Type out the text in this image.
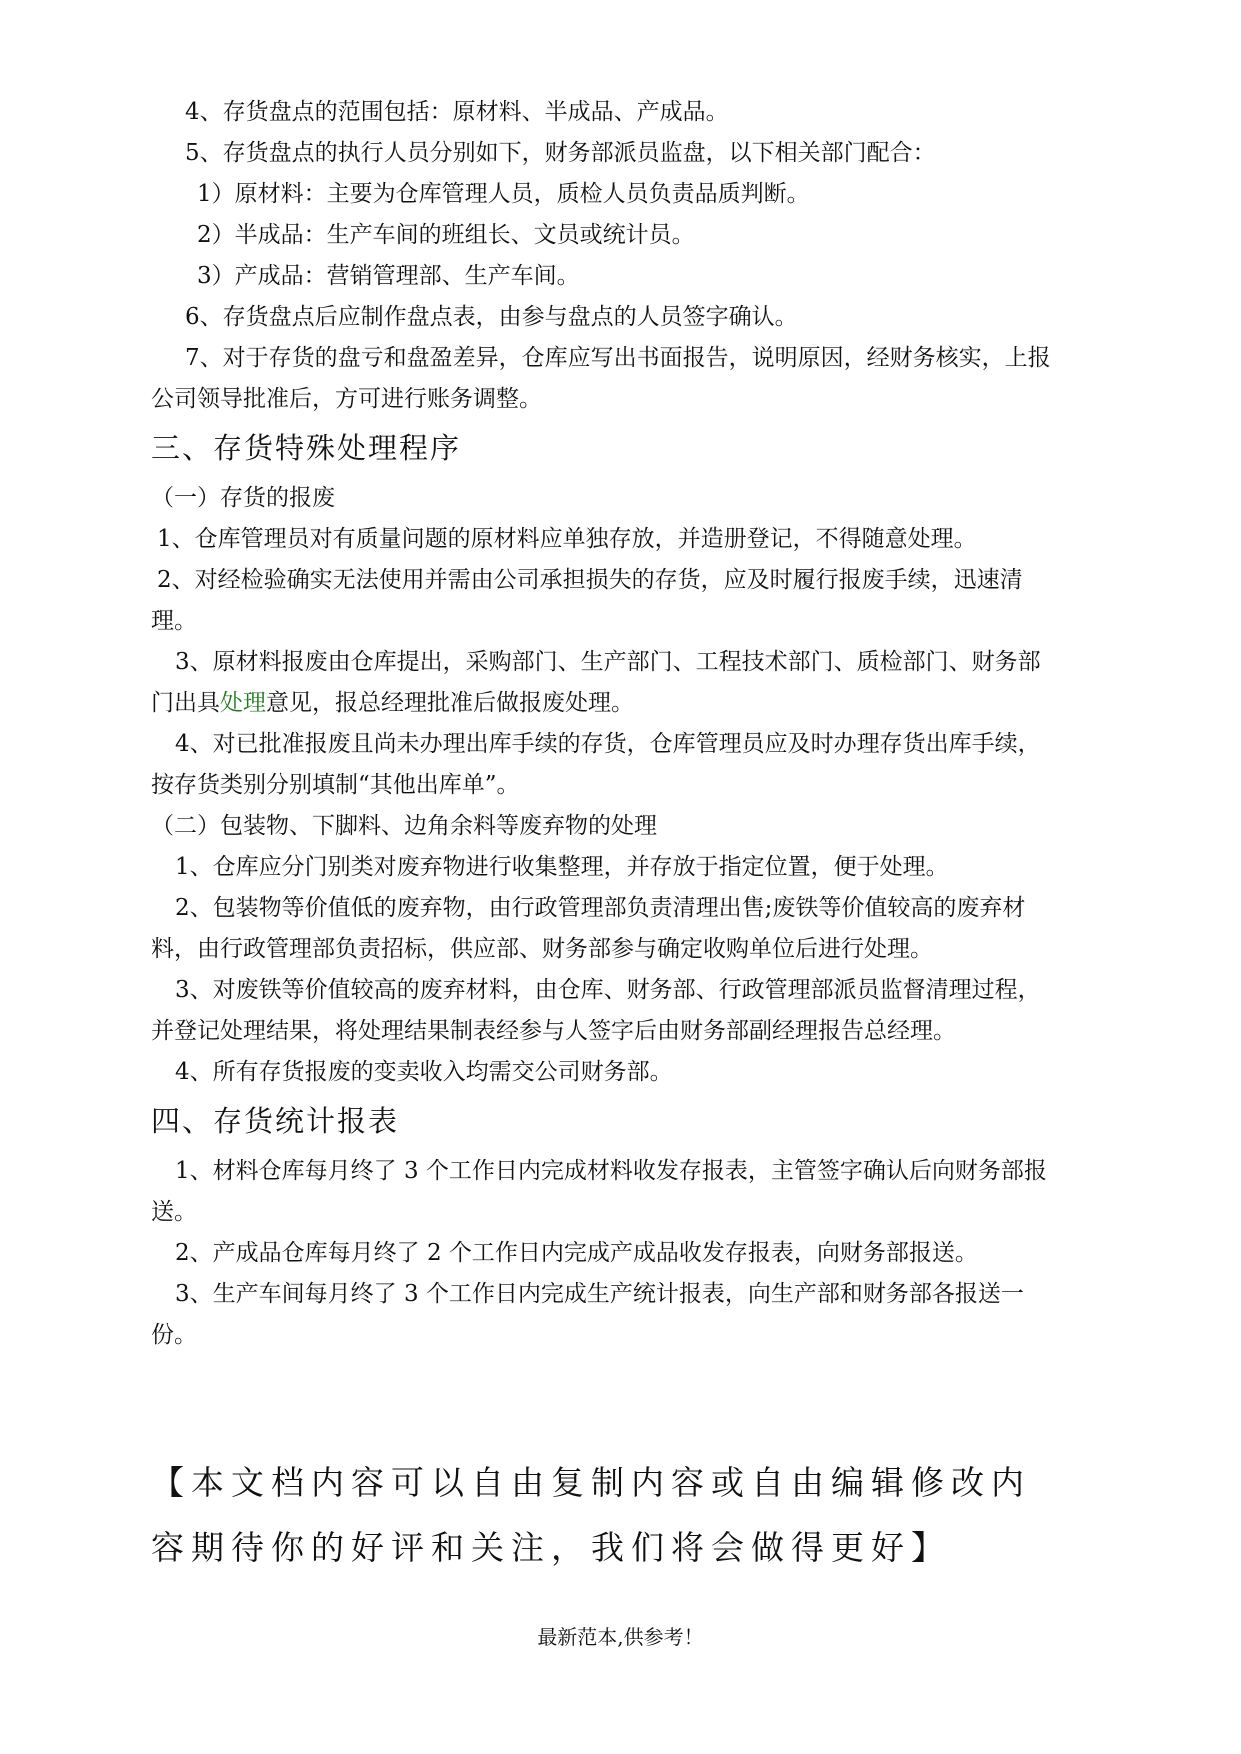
4、存货盘点的范围包括：原材料、半成品、产成品。

5、存货盘点的执行人员分别如下，财务部派员监盘，以下相关部门配合：

1）原材料：主要为仓库管理人员，质检人员负责品质判断。

2）半成品：生产车间的班组长、文员或统计员。

3）产成品：营销管理部、生产车间。

6、存货盘点后应制作盘点表，由参与盘点的人员签字确认。

7、对于存货的盘亏和盘盈差异，仓库应写出书面报告，说明原因，经财务核实，上报公司领导批准后，方可进行账务调整。

三、存货特殊处理程序

（一）存货的报废

1、仓库管理员对有质量问题的原材料应单独存放，并造册登记，不得随意处理。

2、对经检验确实无法使用并需由公司承担损失的存货，应及时履行报废手续，迅速清理。

3、原材料报废由仓库提出，采购部门、生产部门、工程技术部门、质检部门、财务部门出具处理意见，报总经理批准后做报废处理。

4、对已批准报废且尚未办理出库手续的存货，仓库管理员应及时办理存货出库手续，按存货类别分别填制“其他出库单”。

（二）包装物、下脚料、边角余料等废弃物的处理

1、仓库应分门别类对废弃物进行收集整理，并存放于指定位置，便于处理。

2、包装物等价值低的废弃物，由行政管理部负责清理出售;废铁等价值较高的废弃材料，由行政管理部负责招标，供应部、财务部参与确定收购单位后进行处理。

3、对废铁等价值较高的废弃材料，由仓库、财务部、行政管理部派员监督清理过程，并登记处理结果，将处理结果制表经参与人签字后由财务部副经理报告总经理。

4、所有存货报废的变卖收入均需交公司财务部。

四、存货统计报表

1、材料仓库每月终了 3 个工作日内完成材料收发存报表，主管签字确认后向财务部报送。

2、产成品仓库每月终了 2 个工作日内完成产成品收发存报表，向财务部报送。

3、生产车间每月终了 3 个工作日内完成生产统计报表，向生产部和财务部各报送一份。

【本文档内容可以自由复制内容或自由编辑修改内容期待你的好评和关注，我们将会做得更好】

最新范本,供参考！
